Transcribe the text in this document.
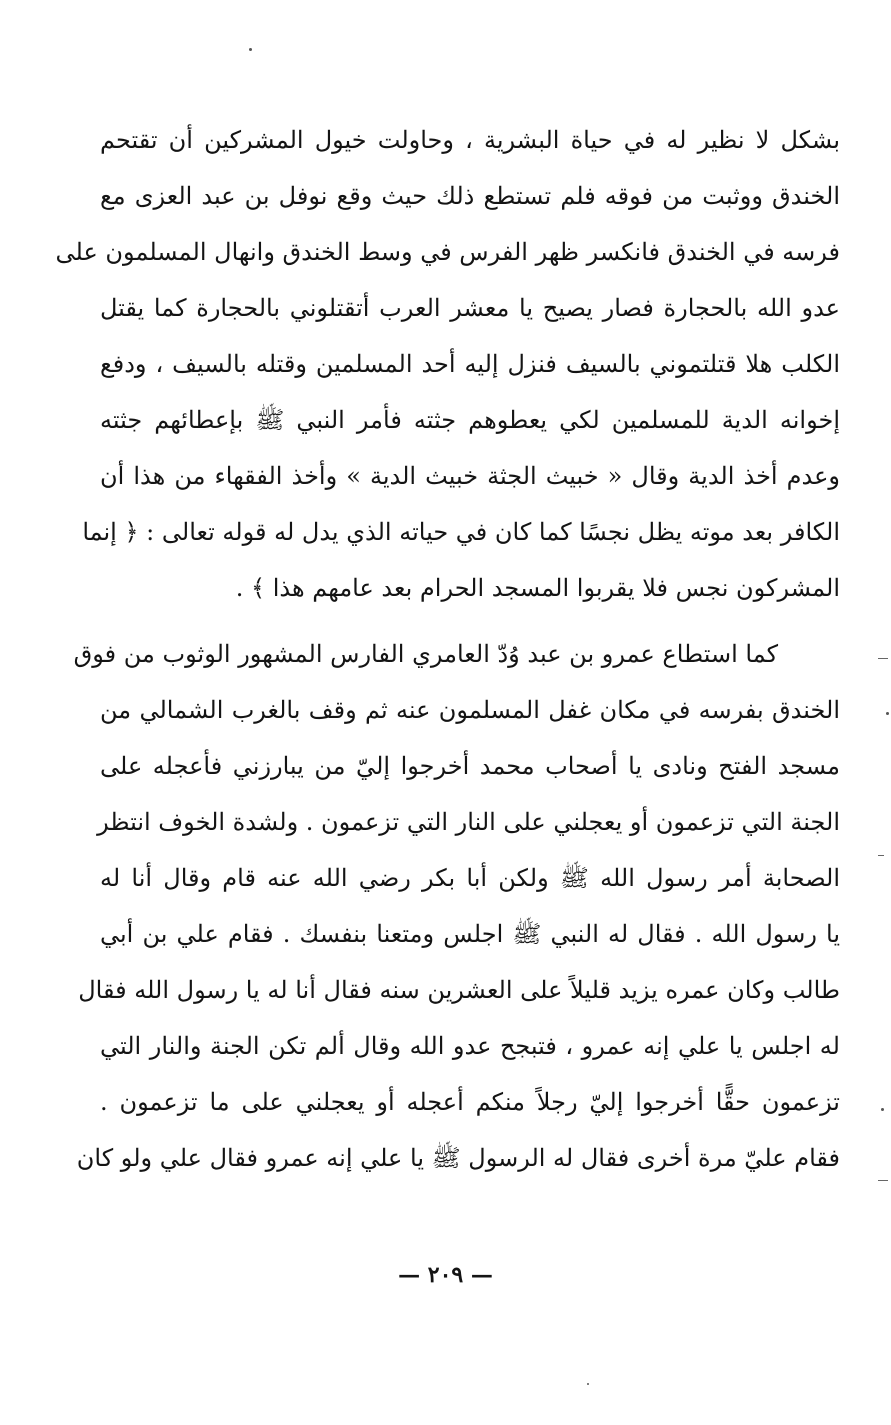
بشكل لا نظير له في حياة البشرية ، وحاولت خيول المشركين أن تقتحم
الخندق ووثبت من فوقه فلم تستطع ذلك حيث وقع نوفل بن عبد العزى مع
فرسه في الخندق فانكسر ظهر الفرس في وسط الخندق وانهال المسلمون على
عدو الله بالحجارة فصار يصيح يا معشر العرب أتقتلوني بالحجارة كما يقتل
الكلب هلا قتلتموني بالسيف فنزل إليه أحد المسلمين وقتله بالسيف ، ودفع
إخوانه الدية للمسلمين لكي يعطوهم جثته فأمر النبي ﷺ بإعطائهم جثته
وعدم أخذ الدية وقال « خبيث الجثة خبيث الدية » وأخذ الفقهاء من هذا أن
الكافر بعد موته يظل نجسًا كما كان في حياته الذي يدل له قوله تعالى : ﴿ إنما
المشركون نجس فلا يقربوا المسجد الحرام بعد عامهم هذا ﴾ .
كما استطاع عمرو بن عبد وُدّ العامري الفارس المشهور الوثوب من فوق
الخندق بفرسه في مكان غفل المسلمون عنه ثم وقف بالغرب الشمالي من
مسجد الفتح ونادى يا أصحاب محمد أخرجوا إليّ من يبارزني فأعجله على
الجنة التي تزعمون أو يعجلني على النار التي تزعمون . ولشدة الخوف انتظر
الصحابة أمر رسول الله ﷺ ولكن أبا بكر رضي الله عنه قام وقال أنا له
يا رسول الله . فقال له النبي ﷺ اجلس ومتعنا بنفسك . فقام علي بن أبي
طالب وكان عمره يزيد قليلاً على العشرين سنه فقال أنا له يا رسول الله فقال
له اجلس يا علي إنه عمرو ، فتبجح عدو الله وقال ألم تكن الجنة والنار التي
تزعمون حقًّا أخرجوا إليّ رجلاً منكم أعجله أو يعجلني على ما تزعمون .
فقام عليّ مرة أخرى فقال له الرسول ﷺ يا علي إنه عمرو فقال علي ولو كان
— ٢٠٩ —
